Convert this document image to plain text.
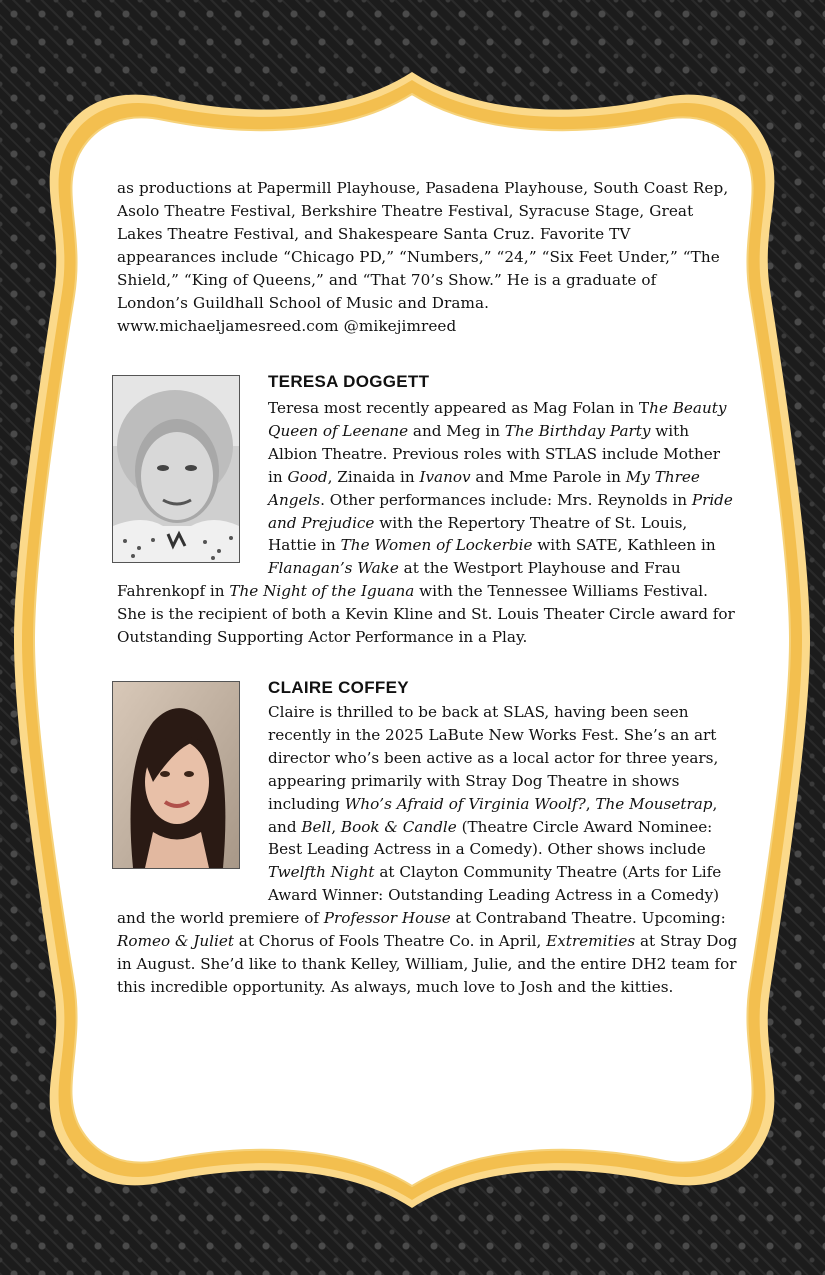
as productions at Papermill Playhouse, Pasadena Playhouse, South Coast Rep, Asolo Theatre Festival, Berkshire Theatre Festival, Syracuse Stage, Great Lakes Theatre Festival, and Shakespeare Santa Cruz. Favorite TV appearances include “Chicago PD,” “Numbers,” “24,” “Six Feet Under,” “The Shield,” “King of Queens,” and “That 70’s Show.” He is a graduate of London’s Guildhall School of Music and Drama.
www.michaeljamesreed.com @mikejimreed

TERESA DOGGETT

Teresa most recently appeared as Mag Folan in The Beauty Queen of Leenane and Meg in The Birthday Party with Albion Theatre. Previous roles with STLAS include Mother in Good, Zinaida in Ivanov and Mme Parole in My Three Angels. Other performances include: Mrs. Reynolds in Pride and Prejudice with the Repertory Theatre of St. Louis, Hattie in The Women of Lockerbie with SATE, Kathleen in Flanagan’s Wake at the Westport Playhouse and Frau Fahrenkopf in The Night of the Iguana with the Tennessee Williams Festival. She is the recipient of both a Kevin Kline and St. Louis Theater Circle award for Outstanding Supporting Actor Performance in a Play.

CLAIRE COFFEY

Claire is thrilled to be back at SLAS, having been seen recently in the 2025 LaBute New Works Fest. She’s an art director who’s been active as a local actor for three years, appearing primarily with Stray Dog Theatre in shows including Who’s Afraid of Virginia Woolf?, The Mousetrap, and Bell, Book & Candle (Theatre Circle Award Nominee: Best Leading Actress in a Comedy). Other shows include Twelfth Night at Clayton Community Theatre (Arts for Life Award Winner: Outstanding Leading Actress in a Comedy) and the world premiere of Professor House at Contraband Theatre. Upcoming: Romeo & Juliet at Chorus of Fools Theatre Co. in April, Extremities at Stray Dog in August. She’d like to thank Kelley, William, Julie, and the entire DH2 team for this incredible opportunity. As always, much love to Josh and the kitties.
